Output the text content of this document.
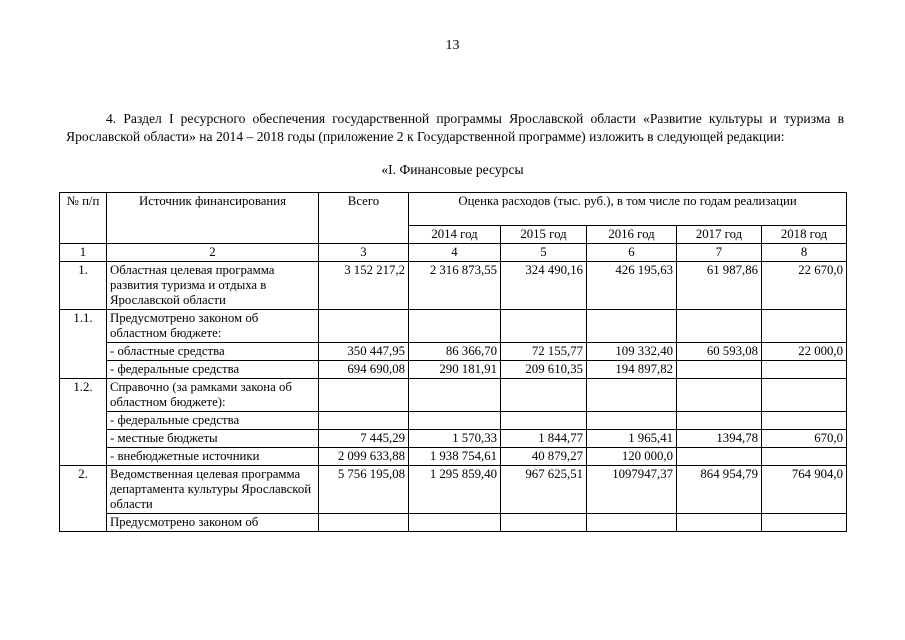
13

4. Раздел I ресурсного обеспечения государственной программы Ярославской области «Развитие культуры и туризма в Ярославской области» на 2014 – 2018 годы (приложение 2 к Государственной программе) изложить в следующей редакции:

«I. Финансовые ресурсы
№ п/п	Источник финансирования	Всего	Оценка расходов (тыс. руб.), в том числе по годам реализации				
			2014 год	2015 год	2016 год	2017 год	2018 год
1	2	3	4	5	6	7	8
1.	Областная целевая программа развития туризма и отдыха в Ярославской области	3 152 217,2	2 316 873,55	324 490,16	426 195,63	61 987,86	22 670,0
1.1.	Предусмотрено законом об областном бюджете:						
	- областные средства	350 447,95	86 366,70	72 155,77	109 332,40	60 593,08	22 000,0
	- федеральные средства	694 690,08	290 181,91	209 610,35	194 897,82		
1.2.	Справочно (за рамками закона об областном бюджете):						
	- федеральные средства						
	- местные бюджеты	7 445,29	1 570,33	1 844,77	1 965,41	1394,78	670,0
	- внебюджетные источники	2 099 633,88	1 938 754,61	40 879,27	120 000,0		
2.	Ведомственная целевая программа департамента культуры Ярославской области	5 756 195,08	1 295 859,40	967 625,51	1097947,37	864 954,79	764 904,0
	Предусмотрено законом об						
